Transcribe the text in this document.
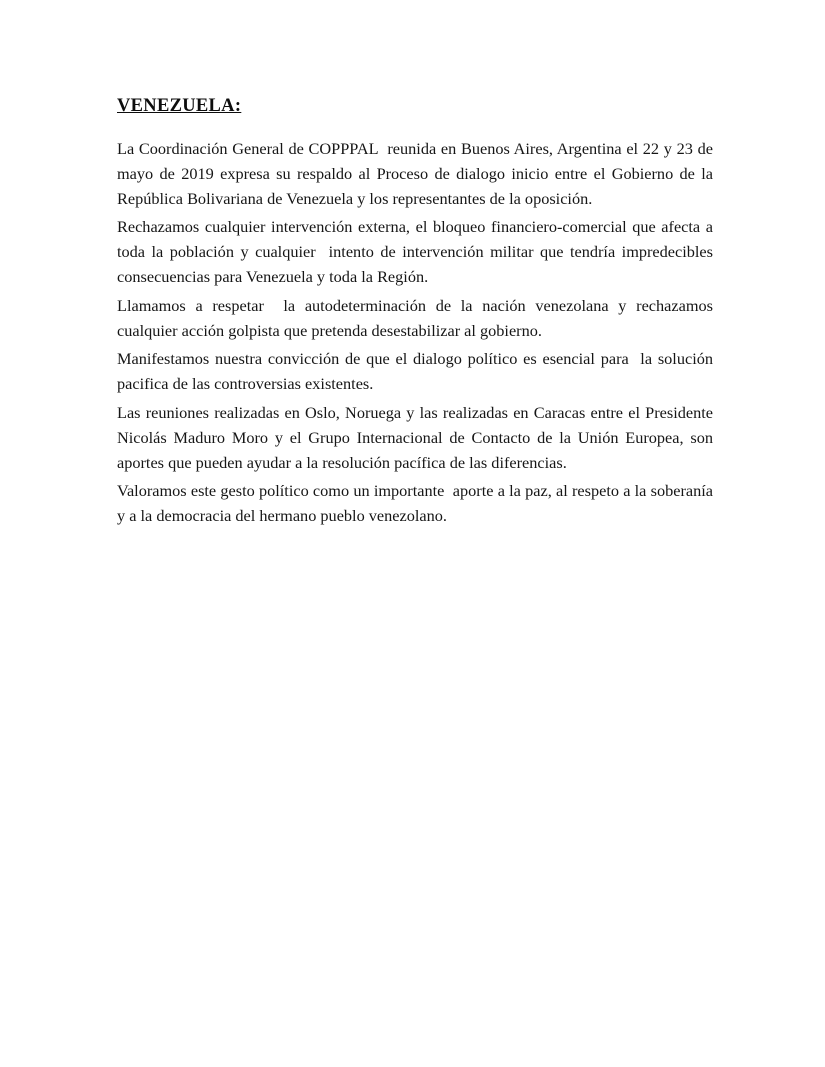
VENEZUELA:

La Coordinación General de COPPPAL  reunida en Buenos Aires, Argentina el 22 y 23 de mayo de 2019 expresa su respaldo al Proceso de dialogo inicio entre el Gobierno de la República Bolivariana de Venezuela y los representantes de la oposición.

Rechazamos cualquier intervención externa, el bloqueo financiero-comercial que afecta a toda la población y cualquier  intento de intervención militar que tendría impredecibles consecuencias para Venezuela y toda la Región.

Llamamos a respetar  la autodeterminación de la nación venezolana y rechazamos cualquier acción golpista que pretenda desestabilizar al gobierno.

Manifestamos nuestra convicción de que el dialogo político es esencial para  la solución pacifica de las controversias existentes.

Las reuniones realizadas en Oslo, Noruega y las realizadas en Caracas entre el Presidente Nicolás Maduro Moro y el Grupo Internacional de Contacto de la Unión Europea, son aportes que pueden ayudar a la resolución pacífica de las diferencias.

Valoramos este gesto político como un importante  aporte a la paz, al respeto a la soberanía y a la democracia del hermano pueblo venezolano.
